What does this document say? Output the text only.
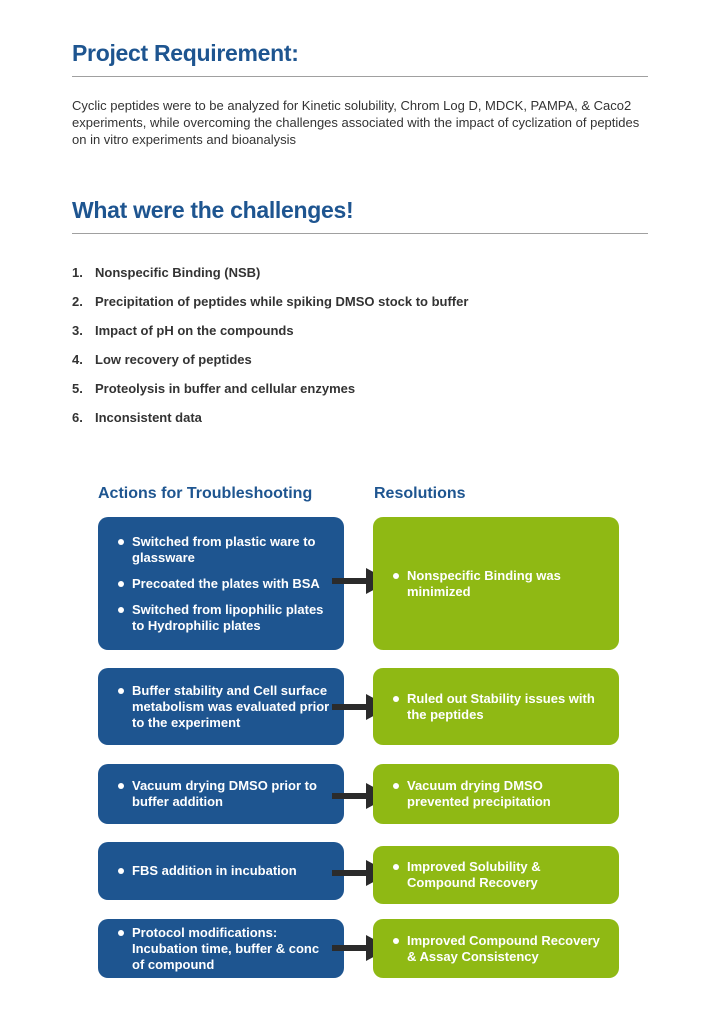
Project Requirement:

Cyclic peptides were to be analyzed for Kinetic solubility, Chrom Log D, MDCK, PAMPA, & Caco2 experiments, while overcoming the challenges associated with the impact of cyclization of peptides on in vitro experiments and bioanalysis

What were the challenges!
1. Nonspecific Binding (NSB)
2. Precipitation of peptides while spiking DMSO stock to buffer
3. Impact of pH on the compounds
4. Low recovery of peptides
5. Proteolysis in buffer and cellular enzymes
6. Inconsistent data
Actions for Troubleshooting	Resolutions
Switched from plastic ware to glassware
Precoated the plates with BSA
Switched from lipophilic plates to Hydrophilic plates
Nonspecific Binding was minimized
Buffer stability and Cell surface metabolism was evaluated prior to the experiment
Ruled out Stability issues with the peptides
Vacuum drying DMSO prior to buffer addition
Vacuum drying DMSO prevented precipitation
FBS addition in incubation	Improved Solubility & Compound Recovery
Protocol modifications: Incubation time, buffer & conc of compound
Improved Compound Recovery & Assay Consistency
